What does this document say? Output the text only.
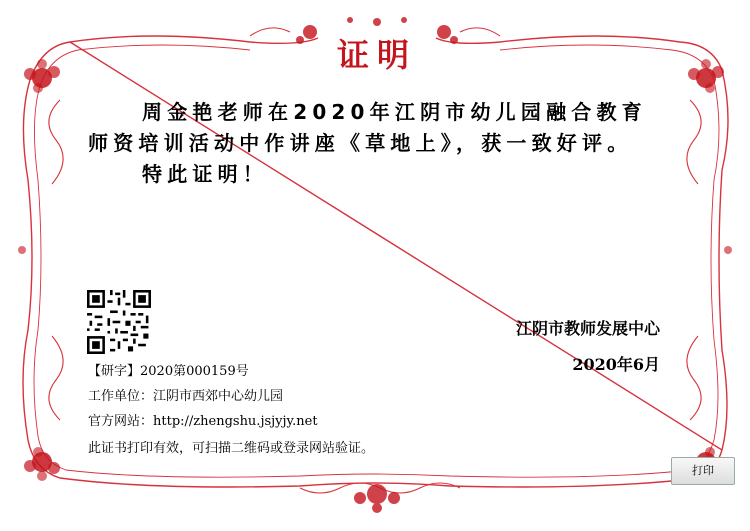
证明
周金艳老师在2020年江阴市幼儿园融合教育
师资培训活动中作讲座《草地上》，获一致好评。
特此证明！
江阴市教师发展中心
2020年6月
【研字】2020第000159号
工作单位：江阴市西郊中心幼儿园
官方网站：http://zhengshu.jsjyjy.net
此证书打印有效，可扫描二维码或登录网站验证。
打印
